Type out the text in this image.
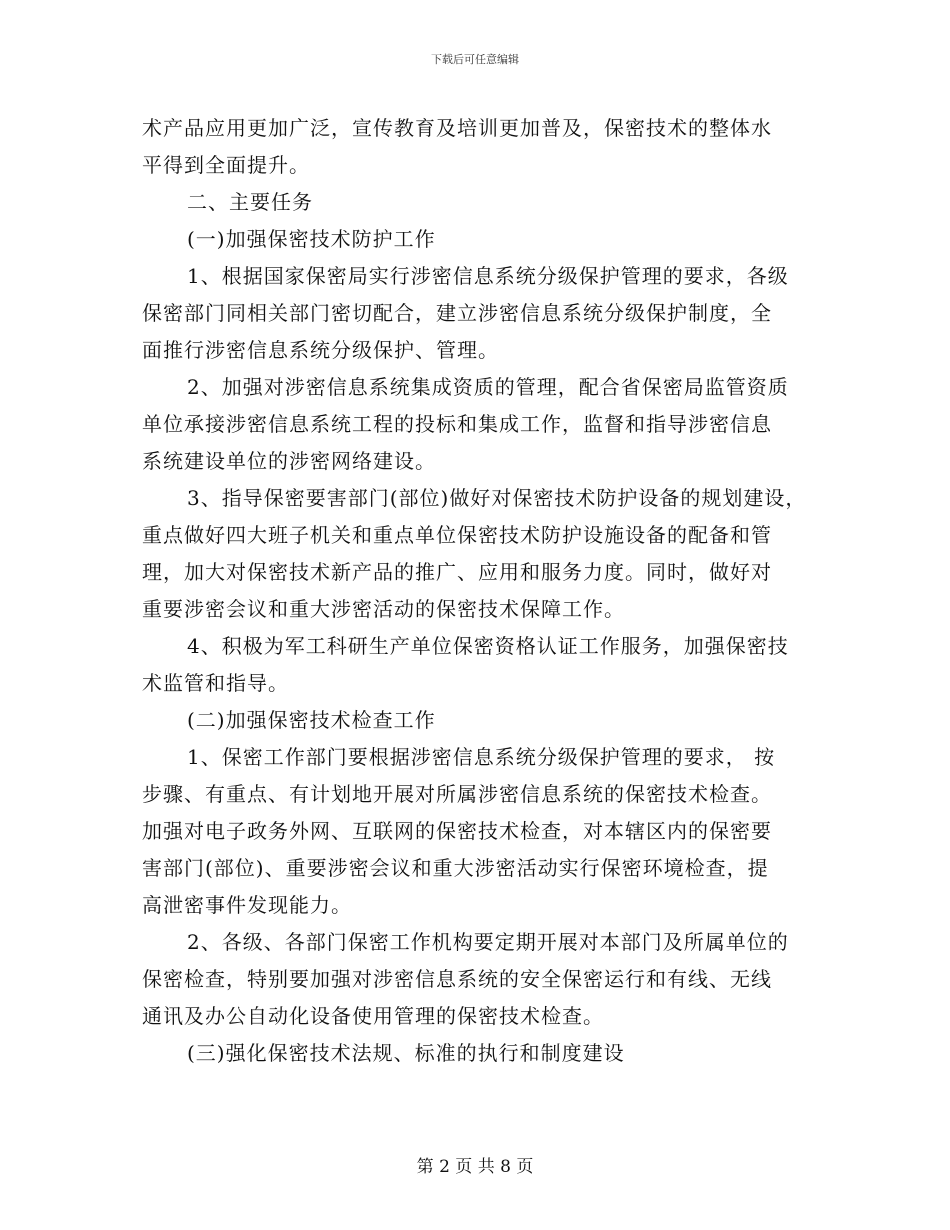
下载后可任意编辑
术产品应用更加广泛，宣传教育及培训更加普及，保密技术的整体水
平得到全面提升。
二、主要任务
(一)加强保密技术防护工作
1、根据国家保密局实行涉密信息系统分级保护管理的要求，各级
保密部门同相关部门密切配合，建立涉密信息系统分级保护制度，全
面推行涉密信息系统分级保护、管理。
2、加强对涉密信息系统集成资质的管理，配合省保密局监管资质
单位承接涉密信息系统工程的投标和集成工作，监督和指导涉密信息
系统建设单位的涉密网络建设。
3、指导保密要害部门(部位)做好对保密技术防护设备的规划建设，
重点做好四大班子机关和重点单位保密技术防护设施设备的配备和管
理，加大对保密技术新产品的推广、应用和服务力度。同时，做好对
重要涉密会议和重大涉密活动的保密技术保障工作。
4、积极为军工科研生产单位保密资格认证工作服务，加强保密技
术监管和指导。
(二)加强保密技术检查工作
1、保密工作部门要根据涉密信息系统分级保护管理的要求， 按
步骤、有重点、有计划地开展对所属涉密信息系统的保密技术检查。
加强对电子政务外网、互联网的保密技术检查，对本辖区内的保密要
害部门(部位)、重要涉密会议和重大涉密活动实行保密环境检查，提
高泄密事件发现能力。
2、各级、各部门保密工作机构要定期开展对本部门及所属单位的
保密检查，特别要加强对涉密信息系统的安全保密运行和有线、无线
通讯及办公自动化设备使用管理的保密技术检查。
(三)强化保密技术法规、标准的执行和制度建设
第 2 页 共 8 页
